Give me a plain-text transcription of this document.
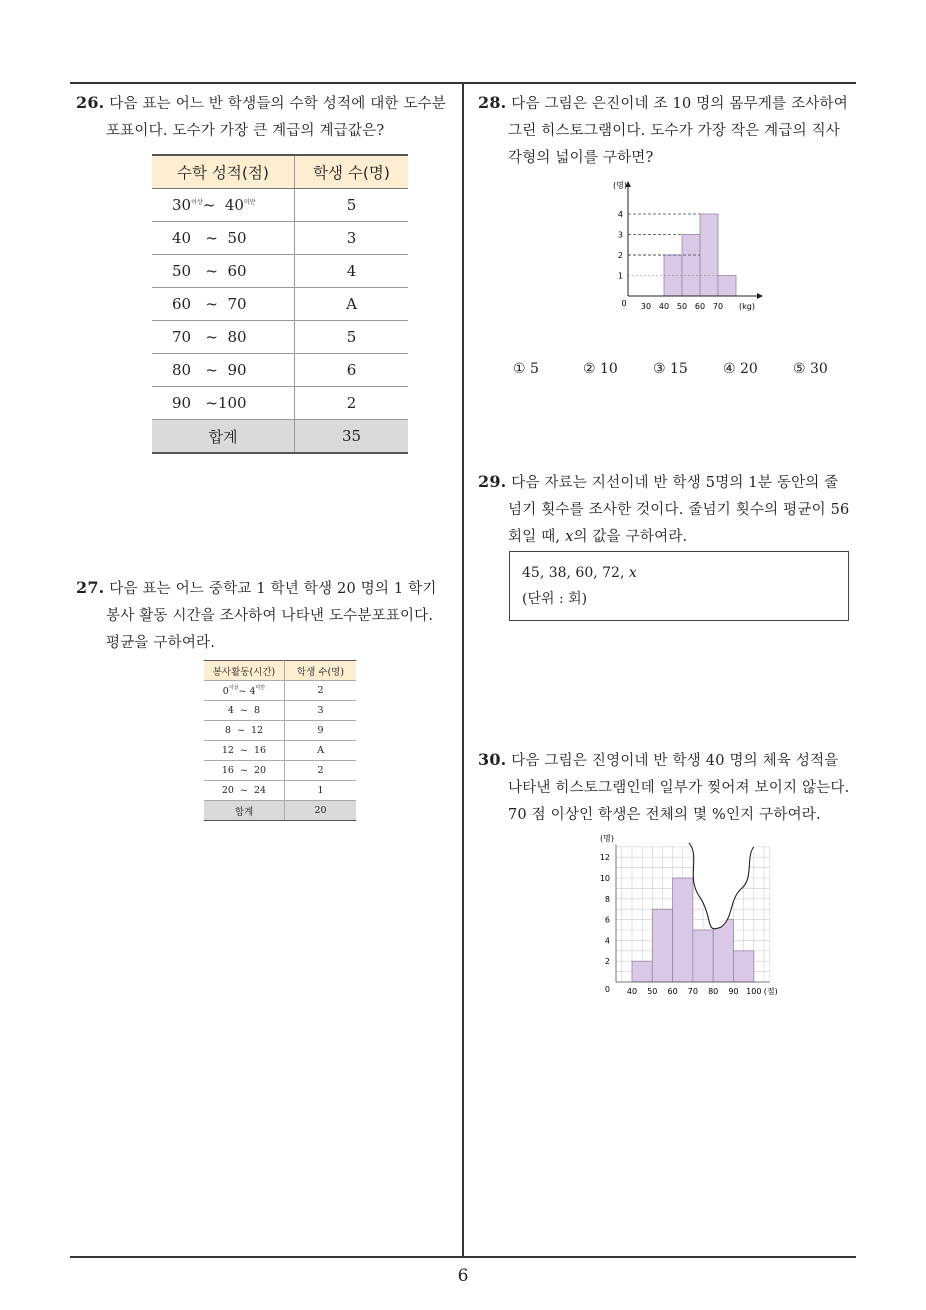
6
26. 다음 표는 어느 반 학생들의 수학 성적에 대한 도수분
포표이다. 도수가 가장 큰 계급의 계급값은?
수학 성적(점)	학생 수(명)
$30^{이상}\sim$ $40^{미만}$	5
40   ~  50	3
50   ~  60	4
60   ~  70	A
70   ~  80	5
80   ~  90	6
90   ~100	2
합계	35
27. 다음 표는 어느 중학교 1 학년 학생 20 명의 1 학기
봉사 활동 시간을 조사하여 나타낸 도수분포표이다.
평균을 구하여라.
봉사활동(시간)	학생 수(명)
$0^{이상}\sim$ $4^{미만}$	2
4  ~  8	3
8  ~  12	9
12  ~  16	A
16  ~  20	2
20  ~  24	1
합계	20
28. 다음 그림은 은진이네 조 10 명의 몸무게를 조사하여
그린 히스토그램이다. 도수가 가장 작은 계급의 직사
각형의 넓이를 구하면?
(명)
0
1
2
3
4
30 40 50 60 70 (kg)
① 5	② 10	③ 15	④ 20	⑤ 30
29. 다음 자료는 지선이네 반 학생 5명의 1분 동안의 줄
넘기 횟수를 조사한 것이다. 줄넘기 횟수의 평균이 56
회일 때, x의 값을 구하여라.
45, 38, 60, 72, x
(단위 : 회)
30. 다음 그림은 진영이네 반 학생 40 명의 체육 성적을
나타낸 히스토그램인데 일부가 찢어져 보이지 않는다.
70 점 이상인 학생은 전체의 몇 %인지 구하여라.
(명)
0
2
4
6
8
10
12
40 50 60 70 80 90 100 (점)
